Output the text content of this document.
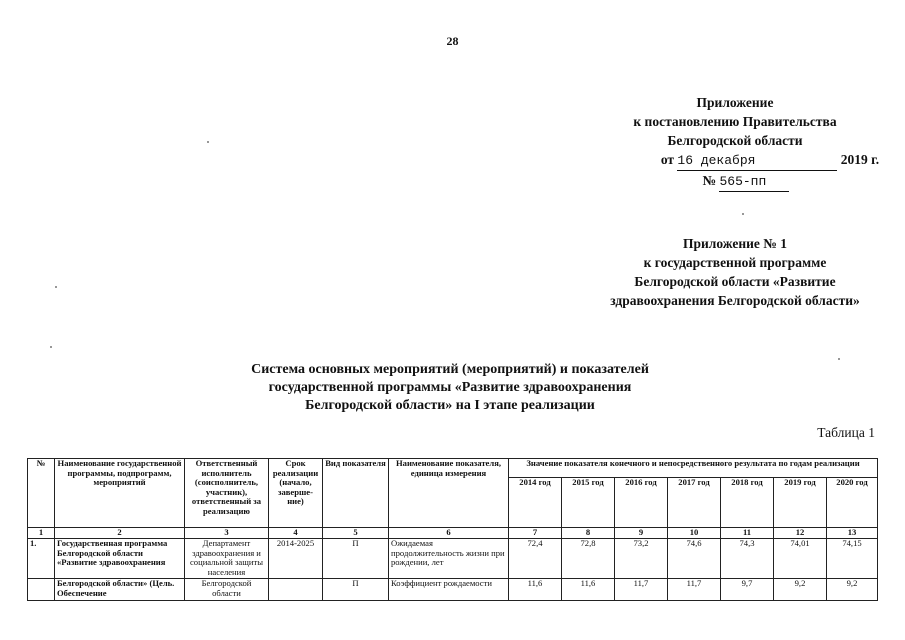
28
Приложение
к постановлению Правительства
Белгородской области
от 16 декабря	2019 г.
№ 565-пп
Приложение № 1
к государственной программе
Белгородской области «Развитие
здравоохранения Белгородской области»
Система основных мероприятий (мероприятий) и показателей
государственной программы «Развитие здравоохранения
Белгородской области» на I этапе реализации
Таблица 1
№	Наименование государственной программы, подпрограмм, мероприятий	Ответственный исполнитель (соисполнитель, участник), ответственный за реализацию	Срок реализации (начало, заверше-ние)	Вид показателя	Наименование показателя, единица измерения	Значение показателя конечного и непосредственного результата по годам реализации						
						2014 год	2015 год	2016 год	2017 год	2018 год	2019 год	2020 год
1	2	3	4	5	6	7	8	9	10	11	12	13
1.	Государственная программа Белгородской области «Развитие здравоохранения	Департамент здравоохранения и социальной защиты населения	2014-2025	П	Ожидаемая продолжительность жизни при рождении, лет	72,4	72,8	73,2	74,6	74,3	74,01	74,15
	Белгородской области» (Цель. Обеспечение	Белгородской области		П	Коэффициент рождаемости	11,6	11,6	11,7	11,7	9,7	9,2	9,2
